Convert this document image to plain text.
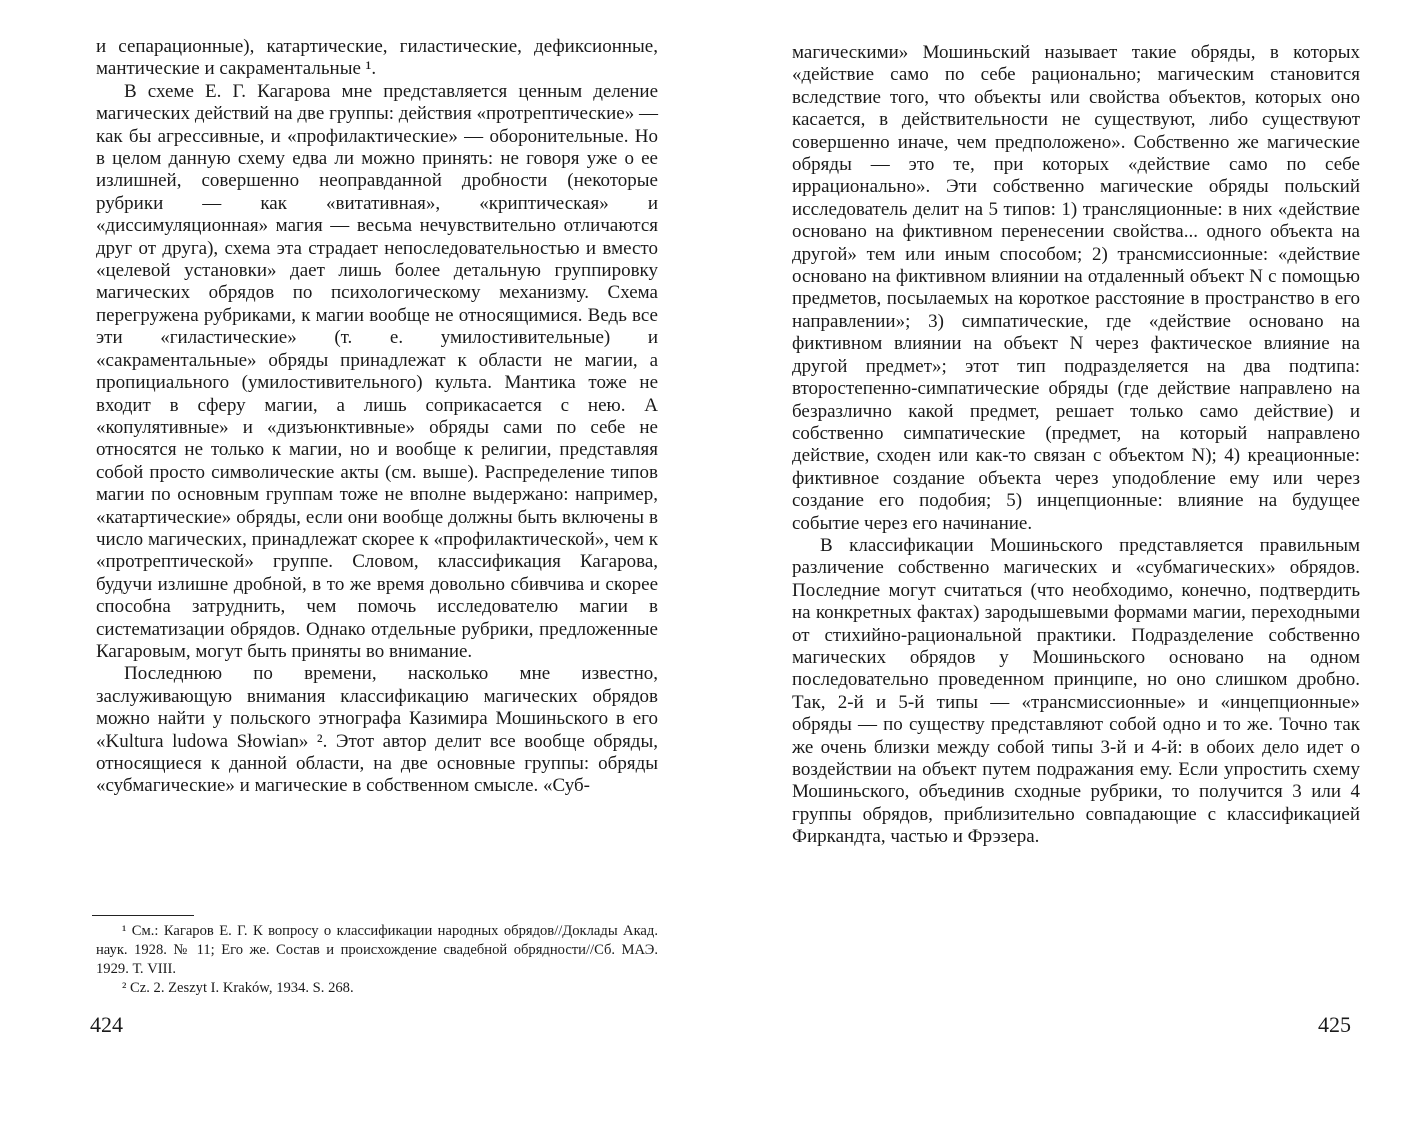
и сепарационные), катартические, гиластические, дефиксионные, мантические и сакраментальные ¹.

В схеме Е. Г. Кагарова мне представляется ценным деление магических действий на две группы: действия «протрептические» — как бы агрессивные, и «профилактические» — оборонительные. Но в целом данную схему едва ли можно принять: не говоря уже о ее излишней, совершенно неоправданной дробности (некоторые рубрики — как «витативная», «криптическая» и «диссимуляционная» магия — весьма нечувствительно отличаются друг от друга), схема эта страдает непоследовательностью и вместо «целевой установки» дает лишь более детальную группировку магических обрядов по психологическому механизму. Схема перегружена рубриками, к магии вообще не относящимися. Ведь все эти «гиластические» (т. е. умилостивительные) и «сакраментальные» обряды принадлежат к области не магии, а пропициального (умилостивительного) культа. Мантика тоже не входит в сферу магии, а лишь соприкасается с нею. А «копулятивные» и «дизъюнктивные» обряды сами по себе не относятся не только к магии, но и вообще к религии, представляя собой просто символические акты (см. выше). Распределение типов магии по основным группам тоже не вполне выдержано: например, «катартические» обряды, если они вообще должны быть включены в число магических, принадлежат скорее к «профилактической», чем к «протрептической» группе. Словом, классификация Кагарова, будучи излишне дробной, в то же время довольно сбивчива и скорее способна затруднить, чем помочь исследователю магии в систематизации обрядов. Однако отдельные рубрики, предложенные Кагаровым, могут быть приняты во внимание.

Последнюю по времени, насколько мне известно, заслуживающую внимания классификацию магических обрядов можно найти у польского этнографа Казимира Мошиньского в его «Kultura ludowa Słowian» ². Этот автор делит все вообще обряды, относящиеся к данной области, на две основные группы: обряды «субмагические» и магические в собственном смысле. «Суб-

¹ См.: Кагаров Е. Г. К вопросу о классификации народных обрядов//Доклады Акад. наук. 1928. № 11; Его же. Состав и происхождение свадебной обрядности//Сб. МАЭ. 1929. Т. VIII.

² Cz. 2. Zeszyt I. Kraków, 1934. S. 268.

424

магическими» Мошиньский называет такие обряды, в которых «действие само по себе рационально; магическим становится вследствие того, что объекты или свойства объектов, которых оно касается, в действительности не существуют, либо существуют совершенно иначе, чем предположено». Собственно же магические обряды — это те, при которых «действие само по себе иррационально». Эти собственно магические обряды польский исследователь делит на 5 типов: 1) трансляционные: в них «действие основано на фиктивном перенесении свойства... одного объекта на другой» тем или иным способом; 2) трансмиссионные: «действие основано на фиктивном влиянии на отдаленный объект N с помощью предметов, посылаемых на короткое расстояние в пространство в его направлении»; 3) симпатические, где «действие основано на фиктивном влиянии на объект N через фактическое влияние на другой предмет»; этот тип подразделяется на два подтипа: второстепенно-симпатические обряды (где действие направлено на безразлично какой предмет, решает только само действие) и собственно симпатические (предмет, на который направлено действие, сходен или как-то связан с объектом N); 4) креационные: фиктивное создание объекта через уподобление ему или через создание его подобия; 5) инцепционные: влияние на будущее событие через его начинание.

В классификации Мошиньского представляется правильным различение собственно магических и «субмагических» обрядов. Последние могут считаться (что необходимо, конечно, подтвердить на конкретных фактах) зародышевыми формами магии, переходными от стихийно-рациональной практики. Подразделение собственно магических обрядов у Мошиньского основано на одном последовательно проведенном принципе, но оно слишком дробно. Так, 2-й и 5-й типы — «трансмиссионные» и «инцепционные» обряды — по существу представляют собой одно и то же. Точно так же очень близки между собой типы 3-й и 4-й: в обоих дело идет о воздействии на объект путем подражания ему. Если упростить схему Мошиньского, объединив сходные рубрики, то получится 3 или 4 группы обрядов, приблизительно совпадающие с классификацией Фиркандта, частью и Фрэзера.

425
